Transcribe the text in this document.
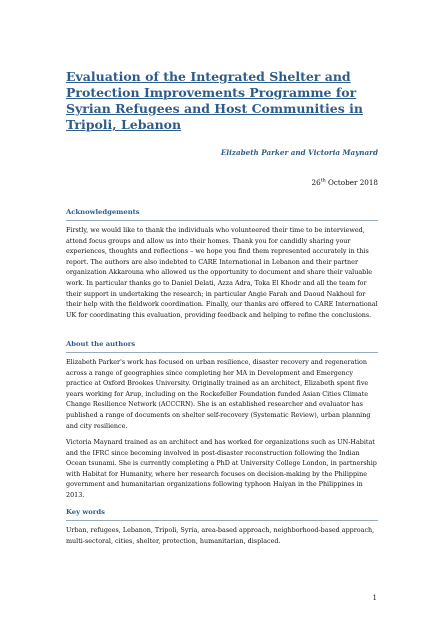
Evaluation of the Integrated Shelter and Protection Improvements Programme for Syrian Refugees and Host Communities in Tripoli, Lebanon

Elizabeth Parker and Victoria Maynard

26th October 2018

Acknowledgements

Firstly, we would like to thank the individuals who volunteered their time to be interviewed, attend focus groups and allow us into their homes. Thank you for candidly sharing your experiences, thoughts and reflections – we hope you find them represented accurately in this report. The authors are also indebted to CARE International in Lebanon and their partner organization Akkarouna who allowed us the opportunity to document and share their valuable work. In particular thanks go to Daniel Delati, Azza Adra, Toka El Khodr and all the team for their support in undertaking the research; in particular Angie Farah and Daoud Nakhoul for their help with the fieldwork coordination. Finally, our thanks are offered to CARE International UK for coordinating this evaluation, providing feedback and helping to refine the conclusions.

About the authors

Elizabeth Parker's work has focused on urban resilience, disaster recovery and regeneration across a range of geographies since completing her MA in Development and Emergency practice at Oxford Brookes University. Originally trained as an architect, Elizabeth spent five years working for Arup, including on the Rockefeller Foundation funded Asian Cities Climate Change Resilience Network (ACCCRN). She is an established researcher and evaluator has published a range of documents on shelter self-recovery (Systematic Review), urban planning and city resilience.

Victoria Maynard trained as an architect and has worked for organizations such as UN-Habitat and the IFRC since becoming involved in post-disaster reconstruction following the Indian Ocean tsunami. She is currently completing a PhD at University College London, in partnership with Habitat for Humanity, where her research focuses on decision-making by the Philippine government and humanitarian organizations following typhoon Haiyan in the Philippines in 2013.

Key words

Urban, refugees, Lebanon, Tripoli, Syria, area-based approach, neighborhood-based approach, multi-sectoral, cities, shelter, protection, humanitarian, displaced.

1
